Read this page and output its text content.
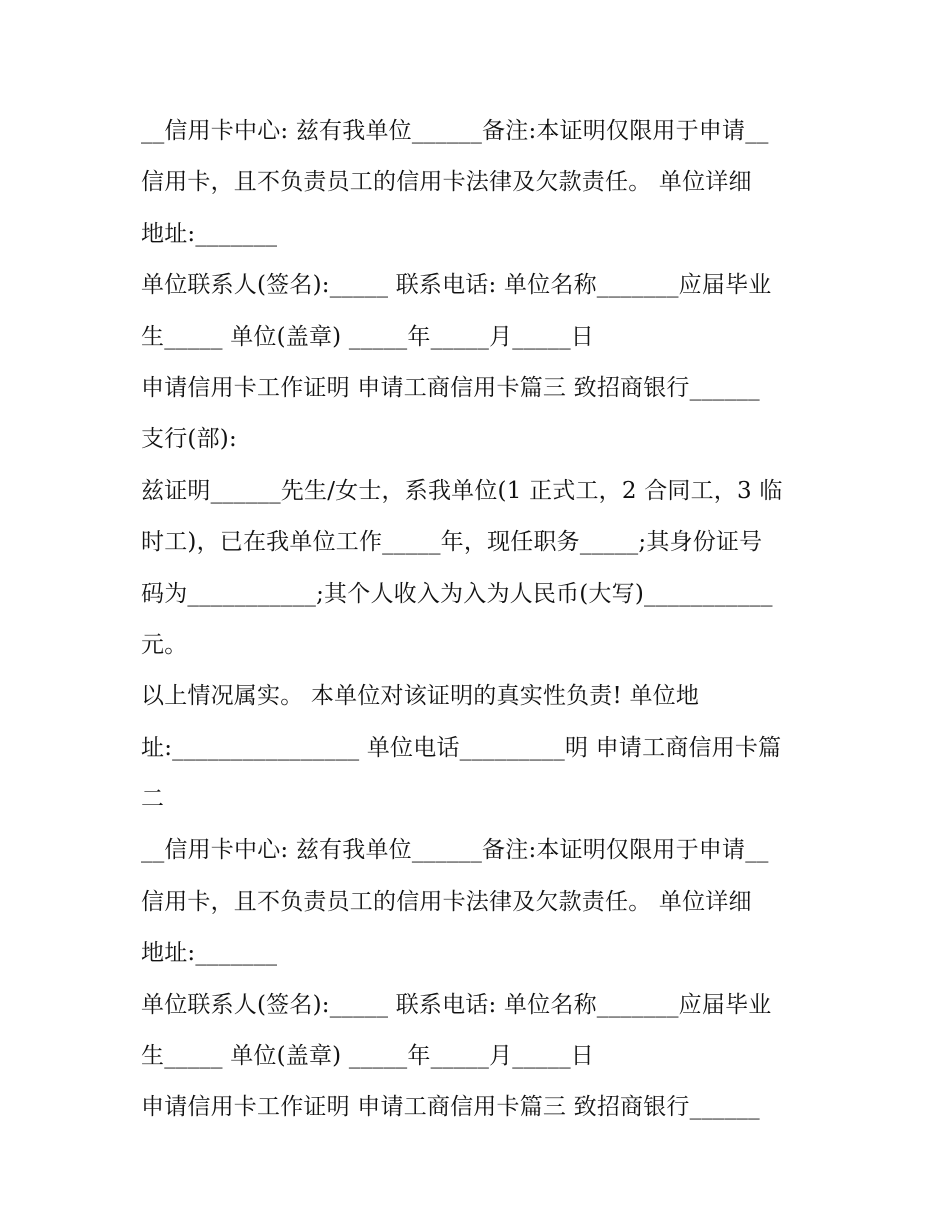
__信用卡中心: 兹有我单位______备注:本证明仅限用于申请__
信用卡，且不负责员工的信用卡法律及欠款责任。 单位详细
地址:_______
单位联系人(签名):_____ 联系电话: 单位名称_______应届毕业
生_____ 单位(盖章) _____年_____月_____日
申请信用卡工作证明 申请工商信用卡篇三 致招商银行______
支行(部):
兹证明______先生/女士，系我单位(1 正式工，2 合同工，3 临
时工)，已在我单位工作_____年，现任职务_____;其身份证号
码为___________;其个人收入为入为人民币(大写)___________
元。
以上情况属实。 本单位对该证明的真实性负责! 单位地
址:________________ 单位电话_________明 申请工商信用卡篇
二
__信用卡中心: 兹有我单位______备注:本证明仅限用于申请__
信用卡，且不负责员工的信用卡法律及欠款责任。 单位详细
地址:_______
单位联系人(签名):_____ 联系电话: 单位名称_______应届毕业
生_____ 单位(盖章) _____年_____月_____日
申请信用卡工作证明 申请工商信用卡篇三 致招商银行______
